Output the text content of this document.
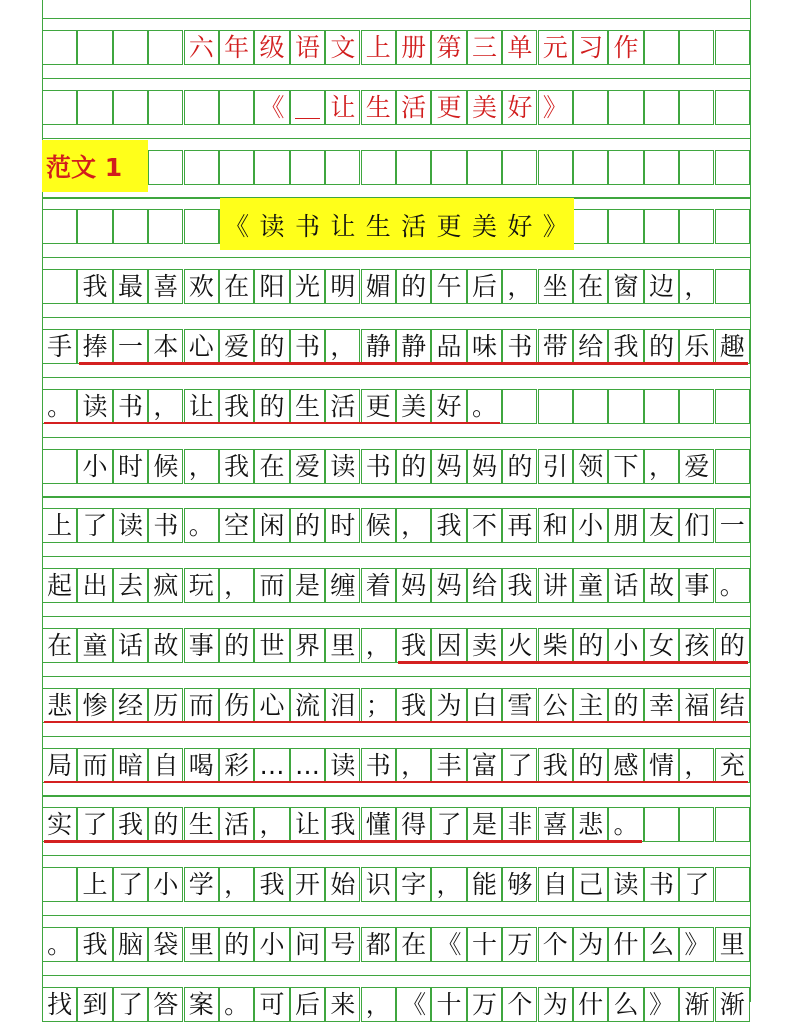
六 年 级 语 文 上 册 第 三 单 元 习 作
《 ＿ 让 生 活 更 美 好 》
《 读 书 让 生 活 更 美 好 》
我 最 喜 欢 在 阳 光 明 媚 的 午 后 ， 坐 在 窗 边 ，
手 捧 一 本 心 爱 的 书 ， 静 静 品 味 书 带 给 我 的 乐 趣
。 读 书 ， 让 我 的 生 活 更 美 好 。
小 时 候 ， 我 在 爱 读 书 的 妈 妈 的 引 领 下 ， 爱
上 了 读 书 。 空 闲 的 时 候 ， 我 不 再 和 小 朋 友 们 一
起 出 去 疯 玩 ， 而 是 缠 着 妈 妈 给 我 讲 童 话 故 事 。
在 童 话 故 事 的 世 界 里 ， 我 因 卖 火 柴 的 小 女 孩 的
悲 惨 经 历 而 伤 心 流 泪 ； 我 为 白 雪 公 主 的 幸 福 结
局 而 暗 自 喝 彩 … … 读 书 ， 丰 富 了 我 的 感 情 ， 充
实 了 我 的 生 活 ， 让 我 懂 得 了 是 非 喜 悲 。
上 了 小 学 ， 我 开 始 识 字 ， 能 够 自 己 读 书 了
。 我 脑 袋 里 的 小 问 号 都 在 《 十 万 个 为 什 么 》 里
找 到 了 答 案 。 可 后 来 ， 《 十 万 个 为 什 么 》 渐 渐
范文 1
